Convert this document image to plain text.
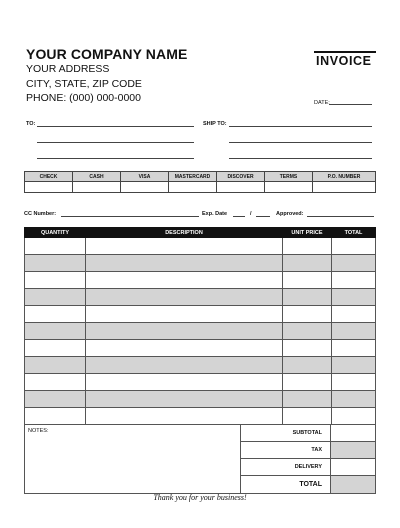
YOUR COMPANY NAME
YOUR ADDRESS
CITY, STATE, ZIP CODE
PHONE: (000) 000-0000
INVOICE
DATE:
TO:	SHIP TO:
CHECK	CASH	VISA	MASTERCARD	DISCOVER	TERMS	P.O. NUMBER

CC Number:	Exp. Date	/	Approved:
QUANTITY	DESCRIPTION	UNIT PRICE	TOTAL

NOTES:	SUBTOTAL	
	TAX	
	DELIVERY	
	TOTAL	
Thank you for your business!
